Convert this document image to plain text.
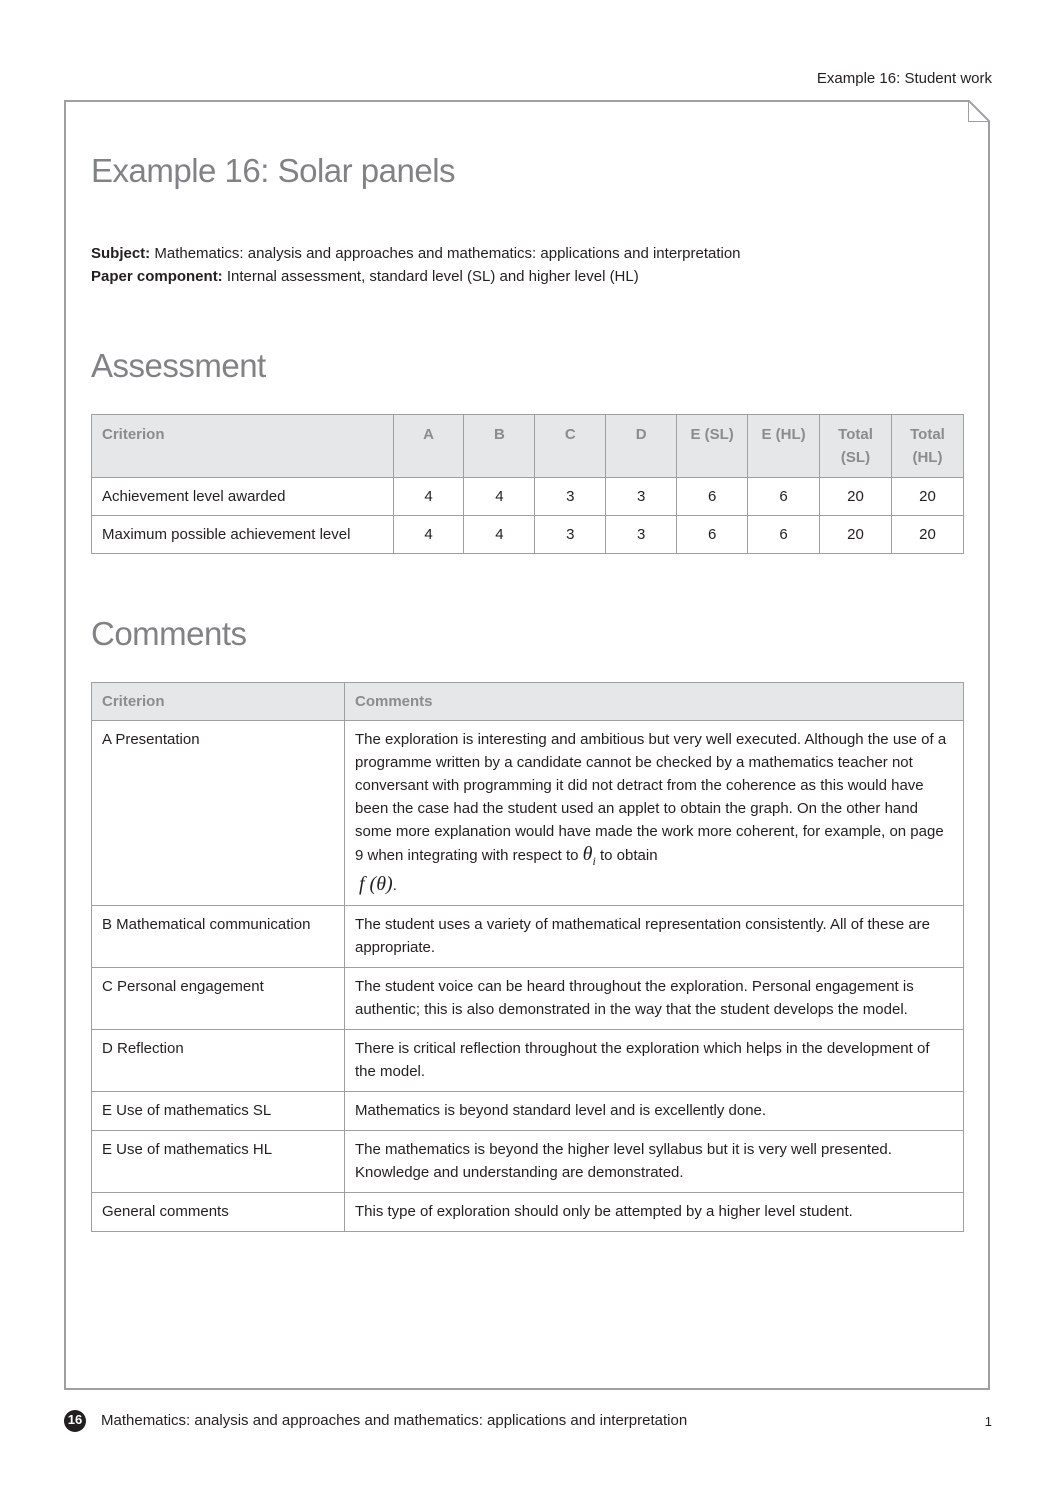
Example 16: Student work
Example 16: Solar panels
Subject: Mathematics: analysis and approaches and mathematics: applications and interpretation
Paper component: Internal assessment, standard level (SL) and higher level (HL)
Assessment
Criterion	A	B	C	D	E (SL)	E (HL)	Total (SL)	Total (HL)
Achievement level awarded	4	4	3	3	6	6	20	20
Maximum possible achievement level	4	4	3	3	6	6	20	20
Comments
Criterion	Comments
A Presentation	The exploration is interesting and ambitious but very well executed. Although the use of a programme written by a candidate cannot be checked by a mathematics teacher not conversant with programming it did not detract from the coherence as this would have been the case had the student used an applet to obtain the graph. On the other hand some more explanation would have made the work more coherent, for example, on page 9 when integrating with respect to $\theta_i$ to obtain
f (θ).
B Mathematical communication	The student uses a variety of mathematical representation consistently. All of these are appropriate.
C Personal engagement	The student voice can be heard throughout the exploration. Personal engagement is authentic; this is also demonstrated in the way that the student develops the model.
D Reflection	There is critical reflection throughout the exploration which helps in the development of the model.
E Use of mathematics SL	Mathematics is beyond standard level and is excellently done.
E Use of mathematics HL	The mathematics is beyond the higher level syllabus but it is very well presented. Knowledge and understanding are demonstrated.
General comments	This type of exploration should only be attempted by a higher level student.
16 Mathematics: analysis and approaches and mathematics: applications and interpretation	1
